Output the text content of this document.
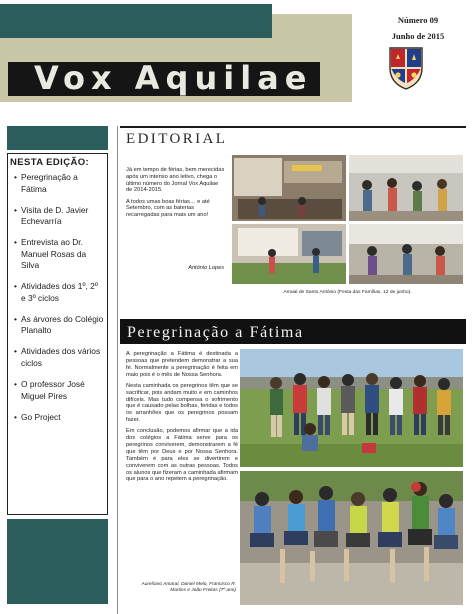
Vox Aquilae
Número 09
Junho de 2015
NESTA EDIÇÃO:
• Peregrinação a Fátima
• Visita de D. Javier Echevarría
• Entrevista ao Dr. Manuel Rosas da Silva
• Atividades dos 1º, 2º e 3º ciclos
• As árvores do Colégio Planalto
• Atividades dos vários ciclos
• O professor José Miguel Pires
• Go Project
EDITORIAL

Já em tempo de férias, bem merecidas após um intenso ano letivo, chega o último número do Jornal Vox Aquilae de 2014-2015.

A todos umas boas férias… e até Setembro, com as baterias recarregadas para mais um ano!

António Lopes
Arraial de Santo António (Festa das Famílias, 12 de junho).
Peregrinação a Fátima

A peregrinação a Fátima é destinada a pessoas que pretendem demonstrar a sua fé. Normalmente a peregrinação é feita em maio pois é o mês de Nossa Senhora.

Nesta caminhada os peregrinos têm que se sacrificar, pois andam muito e em caminhos difíceis. Mas tudo compensa o sofrimento que é causado pelas bolhas, feridas e todos os arranhões que os peregrinos possam fazer.

Em conclusão, podemos afirmar que a ida dos colégios a Fátima serve para os peregrinos conviverem, demonstrarem a fé que têm por Deus e por Nossa Senhora. Também é para eles se divertirem e conviverem com as outras pessoas. Todos os alunos que fizeram a caminhada afirmam que para o ano repetem a peregrinação.

Aurelíano Amaral, Daniel Melo, Francisco R. Martins e João Freitas (7º ano)
